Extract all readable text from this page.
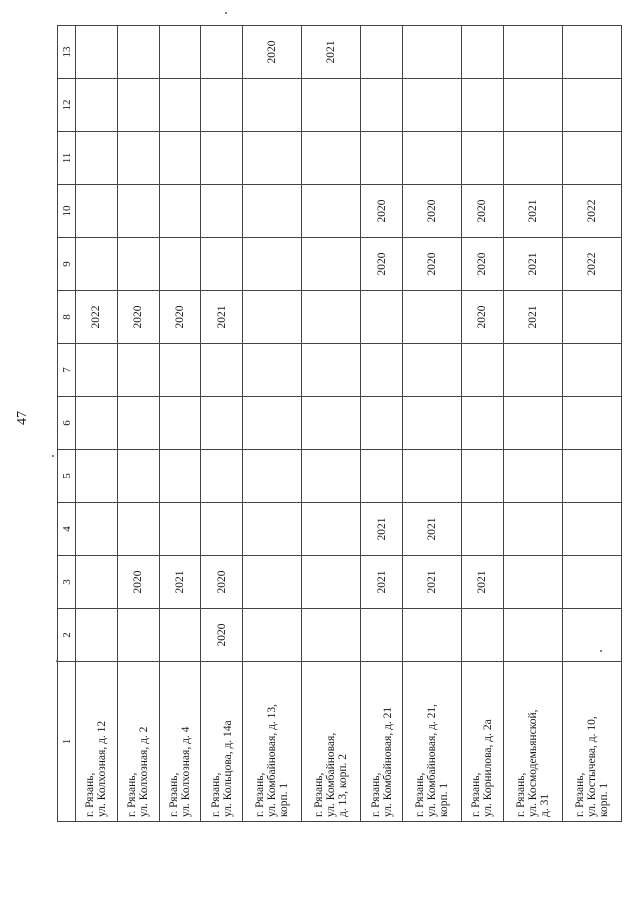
47
1	2	3	4	5	6	7	8	9	10	11	12	13
г. Рязань,
ул. Колхозная, д. 12							2022					
г. Рязань,
ул. Колхозная, д. 2		2020					2020					
г. Рязань,
ул. Колхозная, д. 4		2021					2020					
г. Рязань,
ул. Кольцова, д. 14а	2020	2020					2021					
г. Рязань,
ул. Комбайновая, д. 13,
корп. 1												2020
г. Рязань,
ул. Комбайновая,
д. 13, корп. 2												2021
г. Рязань,
ул. Комбайновая, д. 21		2021	2021					2020	2020			
г. Рязань,
ул. Комбайновая, д. 21,
корп. 1		2021	2021					2020	2020			
г. Рязань,
ул. Корнилова, д. 2а		2021					2020	2020	2020			
г. Рязань,
ул. Космодемьянской,
д. 31							2021	2021	2021			
г. Рязань,
ул. Костычева, д. 10,
корп. 1								2022	2022			
